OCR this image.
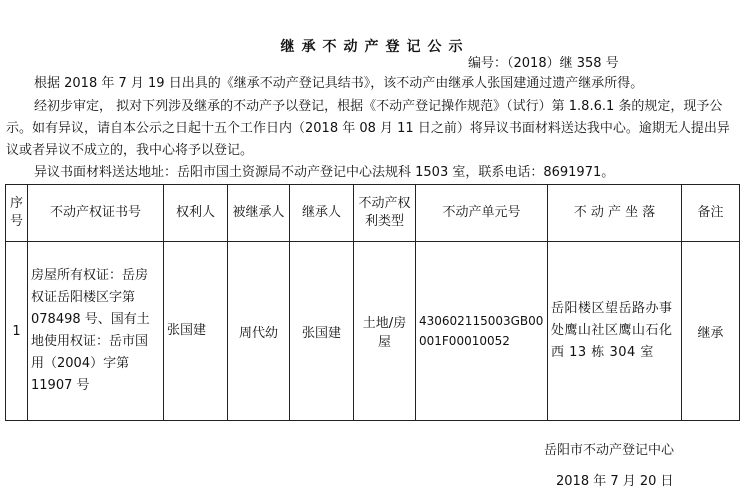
继承不动产登记公示
编号：（2018）继 358 号

根据 2018 年 7 月 19 日出具的《继承不动产登记具结书》，该不动产由继承人张国建通过遗产继承所得。

经初步审定， 拟对下列涉及继承的不动产予以登记，根据《不动产登记操作规范》（试行）第 1.8.6.1 条的规定，现予公示。如有异议，请自本公示之日起十五个工作日内（2018 年 08 月 11 日之前）将异议书面材料送达我中心。逾期无人提出异议或者异议不成立的，我中心将予以登记。

异议书面材料送达地址：岳阳市国土资源局不动产登记中心法规科 1503 室，联系电话：8691971。

序号	不动产权证书号	权利人	被继承人	继承人	不动产权利类型	不动产单元号	不 动 产 坐 落	备注
1	房屋所有权证：岳房权证岳阳楼区字第 078498 号、国有土地使用权证：岳市国用（2004）字第 11907 号	张国建	周代幼	张国建	土地/房屋	430602115003GB00001F00010052	岳阳楼区望岳路办事处鹰山社区鹰山石化西 13 栋 304 室	继承
岳阳市不动产登记中心
2018 年 7 月 20 日
